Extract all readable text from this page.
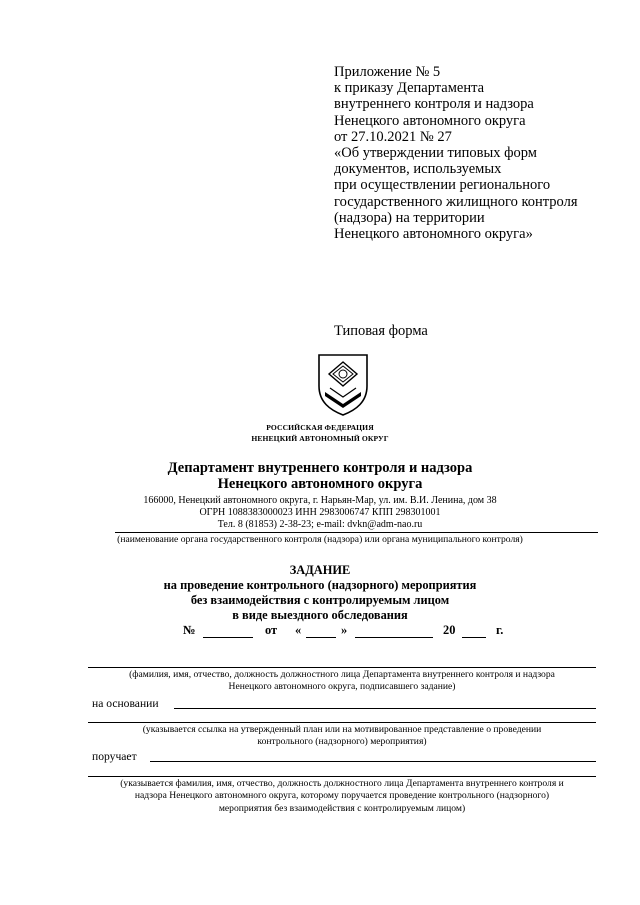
Приложение № 5
к приказу Департамента
внутреннего контроля и надзора
Ненецкого автономного округа
от 27.10.2021 № 27
«Об утверждении типовых форм
документов, используемых
при осуществлении регионального
государственного жилищного контроля
(надзора) на территории
Ненецкого автономного округа»
Типовая форма
РОССИЙСКАЯ ФЕДЕРАЦИЯ
НЕНЕЦКИЙ АВТОНОМНЫЙ ОКРУГ
Департамент внутреннего контроля и надзора
Ненецкого автономного округа
166000, Ненецкий автономного округа, г. Нарьян-Мар, ул. им. В.И. Ленина, дом 38
ОГРН 1088383000023 ИНН 2983006747 КПП 298301001
Тел. 8 (81853) 2-38-23; e-mail: dvkn@adm-nao.ru
(наименование органа государственного контроля (надзора) или органа муниципального контроля)
ЗАДАНИЕ
на проведение контрольного (надзорного) мероприятия
без взаимодействия с контролируемым лицом
в виде выездного обследования
№	от «	»	20	г.
(фамилия, имя, отчество, должность должностного лица Департамента внутреннего контроля и надзора
Ненецкого автономного округа, подписавшего задание)
на основании
(указывается ссылка на утвержденный план или на мотивированное представление о проведении
контрольного (надзорного) мероприятия)
поручает
(указывается фамилия, имя, отчество, должность должностного лица Департамента внутреннего контроля и
надзора Ненецкого автономного округа, которому поручается проведение контрольного (надзорного)
мероприятия без взаимодействия с контролируемым лицом)
